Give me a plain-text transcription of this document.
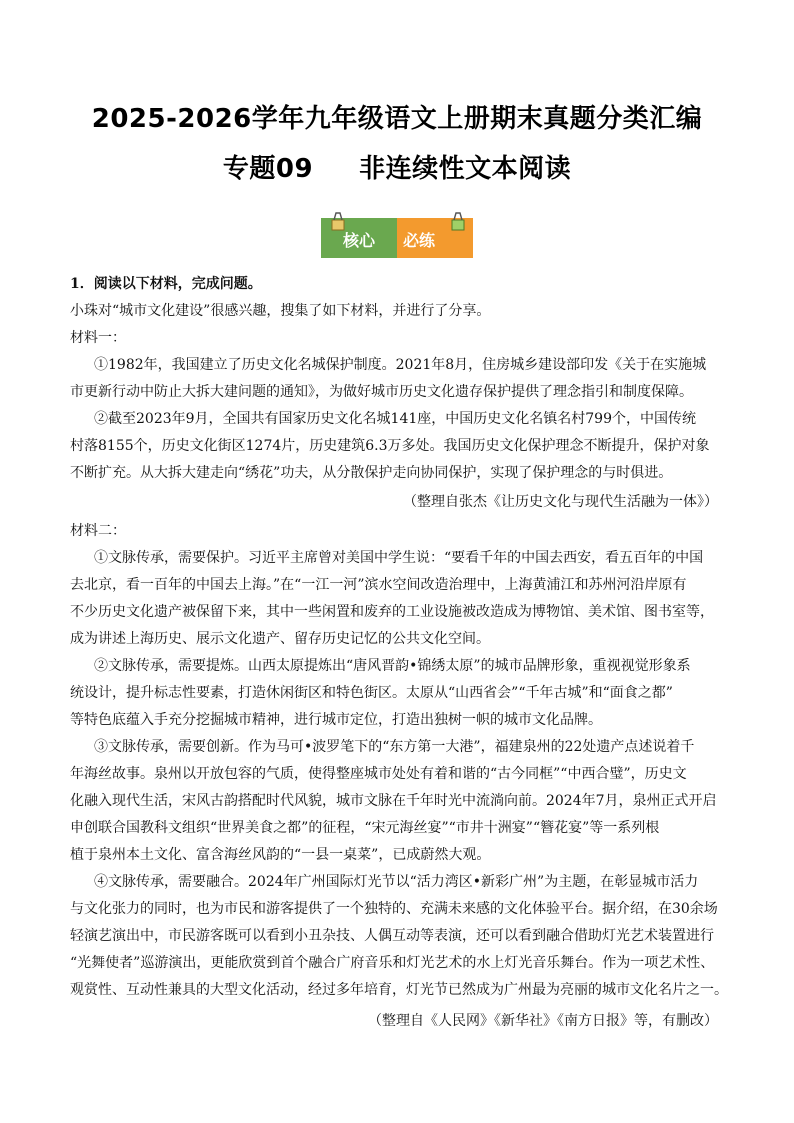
2025-2026学年九年级语文上册期末真题分类汇编
专题09 非连续性文本阅读
核心 必练
1．阅读以下材料，完成问题。
小珠对“城市文化建设”很感兴趣，搜集了如下材料，并进行了分享。
材料一：
①1982年，我国建立了历史文化名城保护制度。2021年8月，住房城乡建设部印发《关于在实施城
市更新行动中防止大拆大建问题的通知》，为做好城市历史文化遗存保护提供了理念指引和制度保障。
②截至2023年9月，全国共有国家历史文化名城141座，中国历史文化名镇名村799个，中国传统
村落8155个，历史文化街区1274片，历史建筑6.3万多处。我国历史文化保护理念不断提升，保护对象
不断扩充。从大拆大建走向“绣花”功夫，从分散保护走向协同保护，实现了保护理念的与时俱进。
（整理自张杰《让历史文化与现代生活融为一体》）
材料二：
①文脉传承，需要保护。习近平主席曾对美国中学生说：“要看千年的中国去西安，看五百年的中国
去北京，看一百年的中国去上海。”在“一江一河”滨水空间改造治理中，上海黄浦江和苏州河沿岸原有
不少历史文化遗产被保留下来，其中一些闲置和废弃的工业设施被改造成为博物馆、美术馆、图书室等，
成为讲述上海历史、展示文化遗产、留存历史记忆的公共文化空间。
②文脉传承，需要提炼。山西太原提炼出“唐风晋韵•锦绣太原”的城市品牌形象，重视视觉形象系
统设计，提升标志性要素，打造休闲街区和特色街区。太原从“山西省会”“千年古城”和“面食之都”
等特色底蕴入手充分挖掘城市精神，进行城市定位，打造出独树一帜的城市文化品牌。
③文脉传承，需要创新。作为马可•波罗笔下的“东方第一大港”，福建泉州的22处遗产点述说着千
年海丝故事。泉州以开放包容的气质，使得整座城市处处有着和谐的“古今同框”“中西合璧”，历史文
化融入现代生活，宋风古韵搭配时代风貌，城市文脉在千年时光中流淌向前。2024年7月，泉州正式开启
申创联合国教科文组织“世界美食之都”的征程，“宋元海丝宴”“市井十洲宴”“簪花宴”等一系列根
植于泉州本土文化、富含海丝风韵的“一县一桌菜”，已成蔚然大观。
④文脉传承，需要融合。2024年广州国际灯光节以“活力湾区•新彩广州”为主题，在彰显城市活力
与文化张力的同时，也为市民和游客提供了一个独特的、充满未来感的文化体验平台。据介绍，在30余场
轻演艺演出中，市民游客既可以看到小丑杂技、人偶互动等表演，还可以看到融合借助灯光艺术装置进行
“光舞使者”巡游演出，更能欣赏到首个融合广府音乐和灯光艺术的水上灯光音乐舞台。作为一项艺术性、
观赏性、互动性兼具的大型文化活动，经过多年培育，灯光节已然成为广州最为亮丽的城市文化名片之一。
（整理自《人民网》《新华社》《南方日报》等，有删改）
